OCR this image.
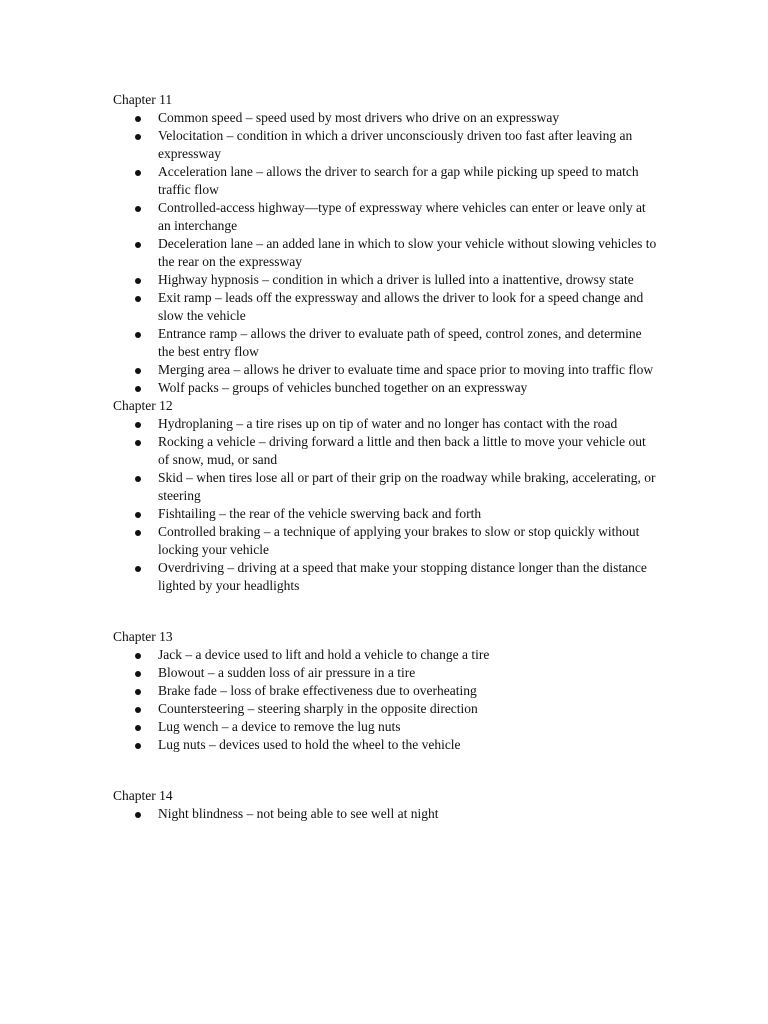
Chapter 11
Common speed – speed used by most drivers who drive on an expressway
Velocitation – condition in which a driver unconsciously driven too fast after leaving an expressway
Acceleration lane – allows the driver to search for a gap while picking up speed to match traffic flow
Controlled-access highway—type of expressway where vehicles can enter or leave only at an interchange
Deceleration lane – an added lane in which to slow your vehicle without slowing vehicles to the rear on the expressway
Highway hypnosis – condition in which a driver is lulled into a inattentive, drowsy state
Exit ramp – leads off the expressway and allows the driver to look for a speed change and slow the vehicle
Entrance ramp – allows the driver to evaluate path of speed, control zones, and determine the best entry flow
Merging area – allows he driver to evaluate time and space prior to moving into traffic flow
Wolf packs – groups of vehicles bunched together on an expressway
Chapter 12
Hydroplaning – a tire rises up on tip of water and no longer has contact with the road
Rocking a vehicle – driving forward a little and then back a little to move your vehicle out of snow, mud, or sand
Skid – when tires lose all or part of their grip on the roadway while braking, accelerating, or steering
Fishtailing – the rear of the vehicle swerving back and forth
Controlled braking – a technique of applying your brakes to slow or stop quickly without locking your vehicle
Overdriving – driving at a speed that make your stopping distance longer than the distance lighted by your headlights
Chapter 13
Jack – a device used to lift and hold a vehicle to change a tire
Blowout – a sudden loss of air pressure in a tire
Brake fade – loss of brake effectiveness due to overheating
Countersteering – steering sharply in the opposite direction
Lug wench – a device to remove the lug nuts
Lug nuts – devices used to hold the wheel to the vehicle
Chapter 14
Night blindness – not being able to see well at night
